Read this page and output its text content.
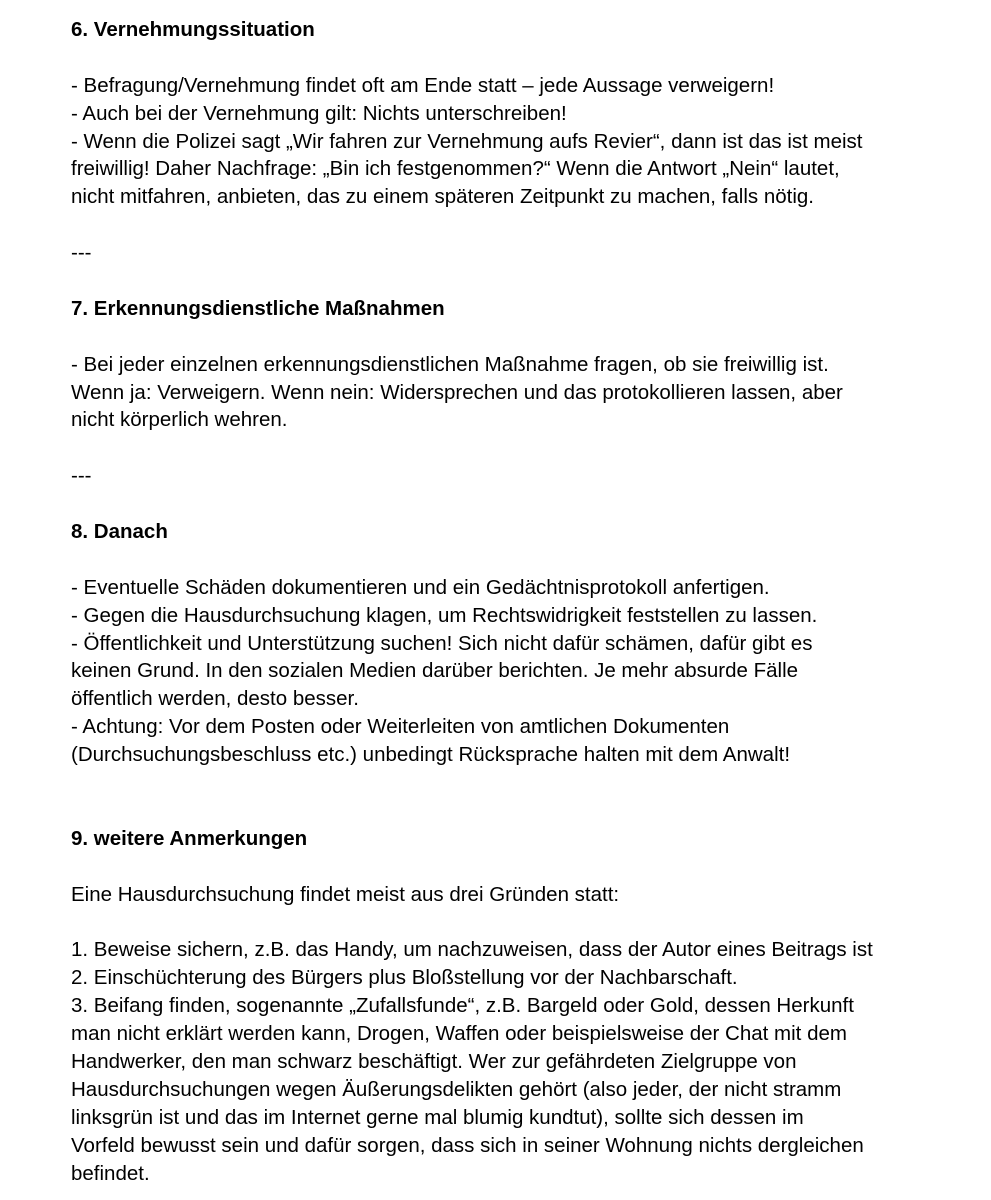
6. Vernehmungssituation
- Befragung/Vernehmung findet oft am Ende statt – jede Aussage verweigern!
- Auch bei der Vernehmung gilt: Nichts unterschreiben!
- Wenn die Polizei sagt „Wir fahren zur Vernehmung aufs Revier“, dann ist das ist meist
freiwillig! Daher Nachfrage: „Bin ich festgenommen?“ Wenn die Antwort „Nein“ lautet,
nicht mitfahren, anbieten, das zu einem späteren Zeitpunkt zu machen, falls nötig.
---
7. Erkennungsdienstliche Maßnahmen
- Bei jeder einzelnen erkennungsdienstlichen Maßnahme fragen, ob sie freiwillig ist.
Wenn ja: Verweigern. Wenn nein: Widersprechen und das protokollieren lassen, aber
nicht körperlich wehren.
---
8. Danach
- Eventuelle Schäden dokumentieren und ein Gedächtnisprotokoll anfertigen.
- Gegen die Hausdurchsuchung klagen, um Rechtswidrigkeit feststellen zu lassen.
- Öffentlichkeit und Unterstützung suchen! Sich nicht dafür schämen, dafür gibt es
keinen Grund. In den sozialen Medien darüber berichten. Je mehr absurde Fälle
öffentlich werden, desto besser.
- Achtung: Vor dem Posten oder Weiterleiten von amtlichen Dokumenten
(Durchsuchungsbeschluss etc.) unbedingt Rücksprache halten mit dem Anwalt!
9. weitere Anmerkungen
Eine Hausdurchsuchung findet meist aus drei Gründen statt:
1. Beweise sichern, z.B. das Handy, um nachzuweisen, dass der Autor eines Beitrags ist
2. Einschüchterung des Bürgers plus Bloßstellung vor der Nachbarschaft.
3. Beifang finden, sogenannte „Zufallsfunde“, z.B. Bargeld oder Gold, dessen Herkunft
man nicht erklärt werden kann, Drogen, Waffen oder beispielsweise der Chat mit dem
Handwerker, den man schwarz beschäftigt. Wer zur gefährdeten Zielgruppe von
Hausdurchsuchungen wegen Äußerungsdelikten gehört (also jeder, der nicht stramm
linksgrün ist und das im Internet gerne mal blumig kundtut), sollte sich dessen im
Vorfeld bewusst sein und dafür sorgen, dass sich in seiner Wohnung nichts dergleichen
befindet.
